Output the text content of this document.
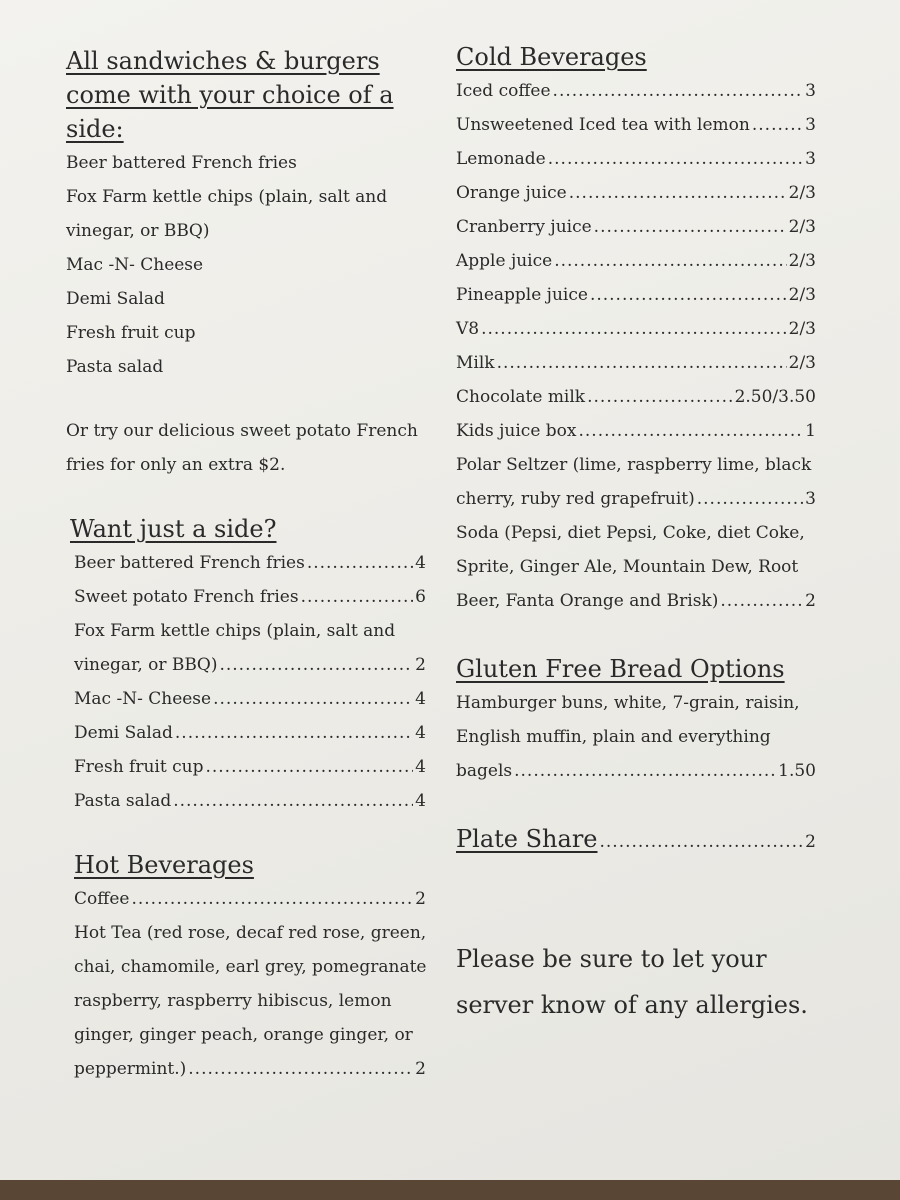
All sandwiches & burgers
come with your choice of a
side:
Beer battered French fries
Fox Farm kettle chips (plain, salt and
vinegar, or BBQ)
Mac -N- Cheese
Demi Salad
Fresh fruit cup
Pasta salad
Or try our delicious sweet potato French
fries for only an extra $2.
Want just a side?
Beer battered French fries .....	4
Sweet potato French fries .....	6
Fox Farm kettle chips (plain, salt and
vinegar, or BBQ) .....	2
Mac -N- Cheese .....	4
Demi Salad .....	4
Fresh fruit cup .....	4
Pasta salad .....	4
Hot Beverages
Coffee .....	2
Hot Tea (red rose, decaf red rose, green,
chai, chamomile, earl grey, pomegranate
raspberry, raspberry hibiscus, lemon
ginger, ginger peach, orange ginger, or
peppermint.) .....	2
Cold Beverages
Iced coffee .....	3
Unsweetened Iced tea with lemon .....	3
Lemonade .....	3
Orange juice .....	2/3
Cranberry juice .....	2/3
Apple juice .....	2/3
Pineapple juice .....	2/3
V8 .....	2/3
Milk .....	2/3
Chocolate milk .....	2.50/3.50
Kids juice box .....	1
Polar Seltzer (lime, raspberry lime, black
cherry, ruby red grapefruit) .....	3
Soda (Pepsi, diet Pepsi, Coke, diet Coke,
Sprite, Ginger Ale, Mountain Dew, Root
Beer, Fanta Orange and Brisk) .....	2
Gluten Free Bread Options
Hamburger buns, white, 7-grain, raisin,
English muffin, plain and everything
bagels .....	1.50
Plate Share .....	2
Please be sure to let your
server know of any allergies.
